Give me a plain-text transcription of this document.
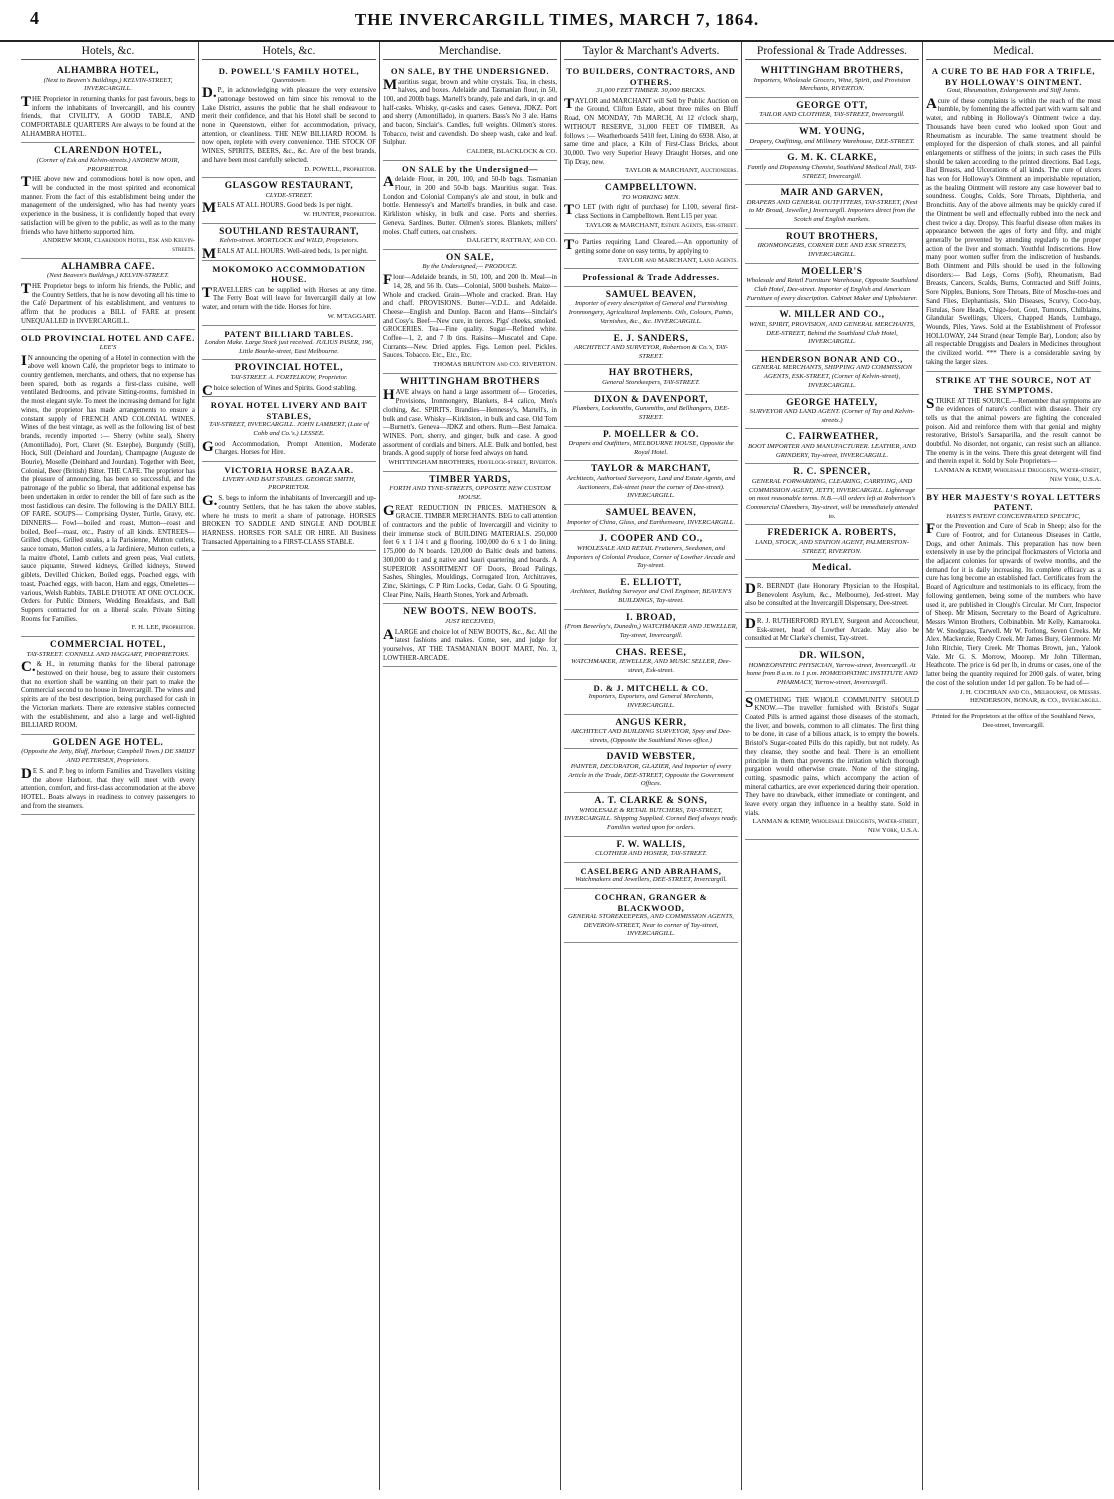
4	THE INVERCARGILL TIMES, MARCH 7, 1864.
Hotels, &c.
ALHAMBRA HOTEL,
(Next to Beaven's Buildings,) KELVIN-STREET, INVERCARGILL.
THE Proprietor in returning thanks for past favours, begs to inform the inhabitants of Invercargill, and his country friends, that CIVILITY, A GOOD TABLE, AND COMFORTABLE QUARTERS Are always to be found at the ALHAMBRA HOTEL.
CLARENDON HOTEL,
(Corner of Esk and Kelvin-streets.) ANDREW MOIR, PROPRIETOR.
THE above new and commodious hotel is now open, and will be conducted in the most spirited and economical manner. From the fact of this establishment being under the management of the undersigned, who has had twenty years experience in the business, it is confidently hoped that every satisfaction will be given to the public, as well as to the many friends who have hitherto supported him.
ANDREW MOIR, Clarendon Hotel, Esk and Kelvin-streets.
ALHAMBRA CAFE.
(Next Beaven's Buildings,) KELVIN-STREET.
THE Proprietor begs to inform his friends, the Public, and the Country Settlers, that he is now devoting all his time to the Café Department of his establishment, and ventures to affirm that he produces a BILL of FARE at present UNEQUALLED in INVERCARGILL.
OLD PROVINCIAL HOTEL AND CAFE.
LEE'S
IN announcing the opening of a Hotel in connection with the above well known Café, the proprietor begs to intimate to country gentlemen, merchants, and others, that no expense has been spared, both as regards a first-class cuisine, well ventilated Bedrooms, and private Sitting-rooms, furnished in the most elegant style. To meet the increasing demand for light wines, the proprietor has made arrangements to ensure a constant supply of FRENCH AND COLONIAL WINES. Wines of the best vintage, as well as the following list of best brands, recently imported :— Sherry (white seal), Sherry (Amontillado), Port, Claret (St. Estephe), Burgundy (Still), Hock, Still (Deinhard and Jourdan), Champagne (Auguste de Bourie), Moselle (Deinhard and Jourdan). Together with Beer, Colonial, Beer (British) Bitter. THE CAFE. The proprietor has the pleasure of announcing, has been so successful, and the patronage of the public so liberal, that additional expense has been undertaken in order to render the bill of fare such as the most fastidious can desire. The following is the DAILY BILL OF FARE. SOUPS— Comprising Oyster, Turtle, Gravy, etc. DINNERS— Fowl—boiled and roast, Mutton—roast and boiled, Beef—roast, etc., Pastry of all kinds. ENTREES— Grilled chops, Grilled steaks, a la Parisienne, Mutton cutlets, sauce tomato, Mutton cutlets, a la Jardiniere, Mutton cutlets, a la maitre d'hotel, Lamb cutlets and green peas, Veal cutlets, sauce piquante, Stewed kidneys, Grilled kidneys, Stewed giblets, Devilled Chicken, Boiled eggs, Poached eggs, with toast, Poached eggs, with bacon, Ham and eggs, Omelettes—various, Welsh Rabbits. TABLE D'HOTE AT ONE O'CLOCK. Orders for Public Dinners, Wedding Breakfasts, and Ball Suppers contracted for on a liberal scale. Private Sitting Rooms for Families.
F. H. LEE, Proprietor.
COMMERCIAL HOTEL,
TAY-STREET. CONNELL AND HAGGART, PROPRIETORS.
C.& H., in returning thanks for the liberal patronage bestowed on their house, beg to assure their customers that no exertion shall be wanting on their part to make the Commercial second to no house in Invercargill. The wines and spirits are of the best description, being purchased for cash in the Victorian markets. There are extensive stables connected with the establishment, and also a large and well-lighted BILLIARD ROOM.
GOLDEN AGE HOTEL.
(Opposite the Jetty, Bluff, Harbour, Campbell Town.) DE SMIDT AND PETERSEN, Proprietors.
DE S. and P. beg to inform Families and Travellers visiting the above Harbour, that they will meet with every attention, comfort, and first-class accommodation at the above HOTEL. Boats always in readiness to convey passengers to and from the steamers.
Hotels, &c.
D. POWELL'S FAMILY HOTEL,
Queenstown.
D.P., in acknowledging with pleasure the very extensive patronage bestowed on him since his removal to the Lake District, assures the public that he shall endeavour to merit their confidence, and that his Hotel shall be second to none in Queenstown, either for accommodation, privacy, attention, or cleanliness. THE NEW BILLIARD ROOM. Is now open, replete with every convenience. THE STOCK OF WINES, SPIRITS, BEERS, &c., &c. Are of the best brands, and have been most carefully selected.
D. POWELL, Proprietor.
GLASGOW RESTAURANT,
CLYDE-STREET.
MEALS AT ALL HOURS. Good beds 1s per night.
W. HUNTER, Proprietor.
SOUTHLAND RESTAURANT,
Kelvin-street. MORTLOCK and WILD, Proprietors.
MEALS AT ALL HOURS. Well-aired beds, 1s per night.
MOKOMOKO ACCOMMODATION HOUSE.
TRAVELLERS can be supplied with Horses at any time. The Ferry Boat will leave for Invercargill daily at low water, and return with the tide. Horses for hire.
W. M'TAGGART.
PATENT BILLIARD TABLES.
London Make. Large Stock just received. JULIUS PASER, 196, Little Bourke-street, East Melbourne.
PROVINCIAL HOTEL,
TAY-STREET. A. FORTELKOW, Proprietor.
Choice selection of Wines and Spirits. Good stabling.
ROYAL HOTEL LIVERY AND BAIT STABLES,
TAY-STREET, INVERCARGILL. JOHN LAMBERT, (Late of Cobb and Co.'s.) LESSEE.
Good Accommodation, Prompt Attention, Moderate Charges. Horses for Hire.
VICTORIA HORSE BAZAAR.
LIVERY AND BAIT STABLES. GEORGE SMITH, PROPRIETOR.
G.S. begs to inform the inhabitants of Invercargill and up-country Settlers, that he has taken the above stables, where he trusts to merit a share of patronage. HORSES BROKEN TO SADDLE AND SINGLE AND DOUBLE HARNESS. HORSES FOR SALE OR HIRE. All Business Transacted Appertaining to a FIRST-CLASS STABLE.
Merchandise.
ON SALE, BY THE UNDERSIGNED.
Mauritius sugar, brown and white crystals. Tea, in chests, halves, and boxes. Adelaide and Tasmanian flour, in 50, 100, and 200lb bags. Martell's brandy, pale and dark, in qr. and half-casks. Whisky, qr-casks and cases. Geneva, JDKZ. Port and sherry (Amontillado), in quarters. Bass's No 3 ale. Hams and bacon, Sinclair's. Candles, full weights. Oilmen's stores. Tobacco, twist and cavendish. Do sheep wash, cake and leaf. Sulphur.
CALDER, BLACKLOCK & CO.
ON SALE by the Undersigned—
Adelaide Flour, in 200, 100, and 50-lb bags. Tasmanian Flour, in 200 and 50-lb bags. Mauritius sugar. Teas. London and Colonial Company's ale and stout, in bulk and bottle. Hennessy's and Martell's brandies, in bulk and case. Kirkliston whisky, in bulk and case. Ports and sherries. Geneva. Sardines. Butter. Oilmen's stores. Blankets, millers' moles. Chaff cutters, oat crushers.
DALGETY, RATTRAY, and CO.
ON SALE,
By the Undersigned,— PRODUCE.
Flour—Adelaide brands, in 50, 100, and 200 lb. Meal—in 14, 28, and 56 lb. Oats—Colonial, 5000 bushels. Maize—Whole and cracked. Grain—Whole and cracked. Bran. Hay and chaff. PROVISIONS. Butter—V.D.L. and Adelaide. Cheese—English and Dunlop. Bacon and Hams—Sinclair's and Cosy's. Beef—New cure, in tierces. Pigs' cheeks, smoked. GROCERIES. Tea—Fine quality. Sugar—Refined white. Coffee—1, 2, and 7 lb tins. Raisins—Muscatel and Cape. Currants—New. Dried apples. Figs. Lemon peel. Pickles. Sauces. Tobacco. Etc., Etc., Etc.
THOMAS BRUNTON and CO. RIVERTON.
WHITTINGHAM BROTHERS
HAVE always on hand a large assortment of— Groceries, Provisions, Ironmongery, Blankets, 8-4 calico, Men's clothing, &c. SPIRITS. Brandies—Hennessy's, Martell's, in bulk and case. Whisky—Kirkliston, in bulk and case. Old Tom—Burnett's. Geneva—JDKZ and others. Rum—Best Jamaica. WINES. Port, sherry, and ginger, bulk and case. A good assortment of cordials and bitters. ALE. Bulk and bottled, best brands. A good supply of horse feed always on hand.
WHITTINGHAM BROTHERS, Havelock-street, Riverton.
TIMBER YARDS,
FORTH AND TYNE-STREETS, OPPOSITE NEW CUSTOM HOUSE.
GREAT REDUCTION IN PRICES. MATHESON & GRACIE. TIMBER MERCHANTS. BEG to call attention of contractors and the public of Invercargill and vicinity to their immense stock of BUILDING MATERIALS. 250,000 feet 6 x 1 1/4 t and g flooring. 100,000 do 6 x 1 do lining. 175,000 do N boards. 120,000 do Baltic deals and battens. 300,000 do t and g native and kauri quartering and boards. A SUPERIOR ASSORTMENT OF Doors, Broad Palings, Sashes, Shingles, Mouldings, Corrugated Iron, Architraves, Zinc, Skirtings, C P Rim Locks, Cedar, Galv. O G Spouting, Clear Pine, Nails, Hearth Stones, York and Arbroath.
NEW BOOTS. NEW BOOTS.
JUST RECEIVED,
ALARGE and choice lot of NEW BOOTS, &c., &c. All the latest fashions and makes. Come, see, and judge for yourselves, AT THE TASMANIAN BOOT MART, No. 3, LOWTHER-ARCADE.
Taylor & Marchant's Adverts.
TO BUILDERS, CONTRACTORS, AND OTHERS.
31,000 FEET TIMBER. 30,000 BRICKS.
TAYLOR and MARCHANT will Sell by Public Auction on the Ground, Clifton Estate, about three miles on Bluff Road, ON MONDAY, 7th MARCH, At 12 o'clock sharp, WITHOUT RESERVE, 31,000 FEET OF TIMBER. As follows :— Weatherboards 5410 feet, Lining do 6938. Also, at same time and place, a Kiln of First-Class Bricks, about 30,000. Two very Superior Heavy Draught Horses, and one Tip Dray, new.
TAYLOR & MARCHANT, Auctioneers.
CAMPBELLTOWN.
TO WORKING MEN.
TO LET (with right of purchase) for L100, several first-class Sections in Campbelltown. Rent L15 per year.
TAYLOR & MARCHANT, Estate Agents, Esk-street.
To Parties requiring Land Cleared.—An opportunity of getting some done on easy terms, by applying to
TAYLOR and MARCHANT, Land Agents.
Professional & Trade Addresses.
SAMUEL BEAVEN,
Importer of every description of General and Furnishing Ironmongery, Agricultural Implements. Oils, Colours, Paints, Varnishes, &c., &c. INVERCARGILL.
E. J. SANDERS,
ARCHITECT AND SURVEYOR, Robertson & Co.'s, TAY-STREET.
HAY BROTHERS,
General Storekeepers, TAY-STREET.
DIXON & DAVENPORT,
Plumbers, Locksmiths, Gunsmiths, and Bellhangers, DEE-STREET.
P. MOELLER & CO.
Drapers and Outfitters, MELBOURNE HOUSE, Opposite the Royal Hotel.
TAYLOR & MARCHANT,
Architects, Authorised Surveyors, Land and Estate Agents, and Auctioneers, Esk-street (near the corner of Dee-street). INVERCARGILL.
SAMUEL BEAVEN,
Importer of China, Glass, and Earthenware, INVERCARGILL.
J. COOPER AND CO.,
WHOLESALE AND RETAIL Fruiterers, Seedsmen, and Importers of Colonial Produce, Corner of Lowther Arcade and Tay-street.
E. ELLIOTT,
Architect, Building Surveyor and Civil Engineer, BEAVEN'S BUILDINGS, Tay-street.
I. BROAD,
(From Beverley's, Dunedin,) WATCHMAKER AND JEWELLER, Tay-street, Invercargill.
CHAS. REESE,
WATCHMAKER, JEWELLER, AND MUSIC SELLER, Dee-street, Esk-street.
D. & J. MITCHELL & CO.
Importers, Exporters, and General Merchants, INVERCARGILL.
ANGUS KERR,
ARCHITECT AND BUILDING SURVEYOR, Spey and Dee-streets, (Opposite the Southland News office.)
DAVID WEBSTER,
PAINTER, DECORATOR, GLAZIER, And Importer of every Article in the Trade, DEE-STREET, Opposite the Government Offices.
A. T. CLARKE & SONS,
WHOLESALE & RETAIL BUTCHERS, TAY-STREET, INVERCARGILL. Shipping Supplied. Corned Beef always ready. Families waited upon for orders.
F. W. WALLIS,
CLOTHIER AND HOSIER, TAY-STREET.
CASELBERG AND ABRAHAMS,
Watchmakers and Jewellers, DEE-STREET, Invercargill.
COCHRAN, GRANGER & BLACKWOOD,
GENERAL STOREKEEPERS, AND COMMISSION AGENTS, DEVERON-STREET, Near to corner of Tay-street, INVERCARGILL.
Professional & Trade Addresses.
WHITTINGHAM BROTHERS,
Importers, Wholesale Grocers, Wine, Spirit, and Provision Merchants, RIVERTON.
GEORGE OTT,
TAILOR AND CLOTHIER, TAY-STREET, Invercargill.
WM. YOUNG,
Drapery, Outfitting, and Millinery Warehouse, DEE-STREET.
G. M. K. CLARKE,
Family and Dispensing Chemist, Southland Medical Hall, TAY-STREET, Invercargill.
MAIR AND GARVEN,
DRAPERS AND GENERAL OUTFITTERS, TAY-STREET, (Next to Mr Broad, Jeweller,) Invercargill. Importers direct from the Scotch and English markets.
ROUT BROTHERS,
IRONMONGERS, CORNER DEE AND ESK STREETS, INVERCARGILL.
MOELLER'S
Wholesale and Retail Furniture Warehouse, Opposite Southland Club Hotel, Dee-street. Importer of English and American Furniture of every description. Cabinet Maker and Upholsterer.
W. MILLER AND CO.,
WINE, SPIRIT, PROVISION, AND GENERAL MERCHANTS, DEE-STREET, Behind the Southland Club Hotel, INVERCARGILL.
HENDERSON BONAR AND CO.,
GENERAL MERCHANTS, SHIPPING AND COMMISSION AGENTS, ESK-STREET, (Corner of Kelvin-street), INVERCARGILL.
GEORGE HATELY,
SURVEYOR AND LAND AGENT. (Corner of Tay and Kelvin-streets.)
C. FAIRWEATHER,
BOOT IMPORTER AND MANUFACTURER. LEATHER, AND GRINDERY, Tay-street, INVERCARGILL.
R. C. SPENCER,
GENERAL FORWARDING, CLEARING, CARRYING, AND COMMISSION AGENT, JETTY, INVERCARGILL. Lighterage on most reasonable terms. N.B.—All orders left at Robertson's Commercial Chambers, Tay-street, will be immediately attended to.
FREDERICK A. ROBERTS,
LAND, STOCK, AND STATION AGENT, PALMERSTON-STREET, RIVERTON.
Medical.
DR. BERNDT (late Honorary Physician to the Hospital, Benevolent Asylum, &c., Melbourne), Jed-street. May also be consulted at the Invercargill Dispensary, Dee-street.
DR. J. RUTHERFORD RYLEY, Surgeon and Accoucheur, Esk-street, head of Lowther Arcade. May also be consulted at Mr Clarke's chemist, Tay-street.
DR. WILSON,
HOMŒOPATHIC PHYSICIAN, Yarrow-street, Invercargill. At home from 8 a.m. to 1 p.m. HOMŒOPATHIC INSTITUTE AND PHARMACY, Yarrow-street, Invercargill.
SOMETHING THE WHOLE COMMUNITY SHOULD KNOW.—The traveller furnished with Bristol's Sugar Coated Pills is armed against those diseases of the stomach, the liver, and bowels, common to all climates. The first thing to be done, in case of a bilious attack, is to empty the bowels. Bristol's Sugar-coated Pills do this rapidly, but not rudely. As they cleanse, they soothe and heal. There is an emollient principle in them that prevents the irritation which thorough purgation would otherwise create. None of the stinging, cutting, spasmodic pains, which accompany the action of mineral cathartics, are ever experienced during their operation. They have no drawback, either immediate or contingent, and leave every organ they influence in a healthy state. Sold in vials.
LANMAN & KEMP, Wholesale Druggists, Water-street, New York, U.S.A.
Medical.
A CURE TO BE HAD FOR A TRIFLE, BY HOLLOWAY'S OINTMENT.
Gout, Rheumatism, Enlargements and Stiff Joints.
Acure of these complaints is within the reach of the most humble, by fomenting the affected part with warm salt and water, and rubbing in Holloway's Ointment twice a day. Thousands have been cured who looked upon Gout and Rheumatism as incurable. The same treatment should be employed for the dispersion of chalk stones, and all painful enlargements or stiffness of the joints; in such cases the Pills should be taken according to the printed directions. Bad Legs, Bad Breasts, and Ulcerations of all kinds. The cure of ulcers has won for Holloway's Ointment an imperishable reputation, as the healing Ointment will restore any case however bad to soundness. Coughs, Colds, Sore Throats, Diphtheria, and Bronchitis. Any of the above ailments may be quickly cured if the Ointment be well and effectually rubbed into the neck and chest twice a day. Dropsy. This fearful disease often makes its appearance between the ages of forty and fifty, and might generally be prevented by attending regularly to the proper action of the liver and stomach. Youthful Indiscretions. How many poor women suffer from the indiscretion of husbands. Both Ointment and Pills should be used in the following disorders:— Bad Legs, Corns (Soft), Rheumatism, Bad Breasts, Cancers, Scalds, Burns, Contracted and Stiff Joints, Sore Nipples, Bunions, Sore Throats, Bite of Mosche-toes and Sand Flies, Elephantiasis, Skin Diseases, Scurvy, Coco-bay, Fistulas, Sore Heads, Chigo-foot, Gout, Tumours, Chilblains, Glandular Swellings, Ulcers, Chapped Hands, Lumbago, Wounds, Piles, Yaws. Sold at the Establishment of Professor HOLLOWAY, 244 Strand (near Temple Bar), London; also by all respectable Druggists and Dealers in Medicines throughout the civilized world. *** There is a considerable saving by taking the larger sizes.
STRIKE AT THE SOURCE, NOT AT THE SYMPTOMS.
STRIKE AT THE SOURCE.—Remember that symptoms are the evidences of nature's conflict with disease. Their cry tells us that the animal powers are fighting the concealed poison. Aid and reinforce them with that genial and mighty restorative, Bristol's Sarsaparilla, and the result cannot be doubtful. No disorder, not organic, can resist such an alliance. The enemy is in the veins. There this great detergent will find and therein expel it. Sold by Sole Proprietors—
LANMAN & KEMP, Wholesale Druggists, Water-street, New York, U.S.A.
BY HER MAJESTY'S ROYAL LETTERS PATENT.
HAYES'S PATENT CONCENTRATED SPECIFIC,
For the Prevention and Cure of Scab in Sheep; also for the Cure of Footrot, and for Cutaneous Diseases in Cattle, Dogs, and other Animals. This preparation has now been extensively in use by the principal flockmasters of Victoria and the adjacent colonies for upwards of twelve months, and the demand for it is daily increasing. Its complete efficacy as a cure has long become an established fact. Certificates from the Board of Agriculture and testimonials to its efficacy, from the following gentlemen, being some of the numbers who have used it, are published in Clough's Circular. Mr Curr, Inspector of Sheep. Mr Mitson, Secretary to the Board of Agriculture. Messrs Winton Brothers, Colbinabbin. Mr Kelly, Kamarooka. Mr W. Snodgrass, Tarwell. Mr W. Forlong, Seven Creeks. Mr Alex. Mackenzie, Reedy Creek. Mr James Bury, Glenmore. Mr John Ritchie, Tiery Creek. Mr Thomas Brown, jun., Yalook Vale. Mr G. S. Morrow, Moorep. Mr John Tillerman, Heathcote. The price is 6d per lb, in drums or cases, one of the latter being the quantity required for 2000 gals. of water, bring the cost of the solution under 1d per gallon. To be had of—
J. H. COCHRAN and Co., Melbourne, or Messrs. HENDERSON, BONAR, & CO., Invercargill.
Printed for the Proprietors at the office of the Southland News, Dee-street, Invercargill.
